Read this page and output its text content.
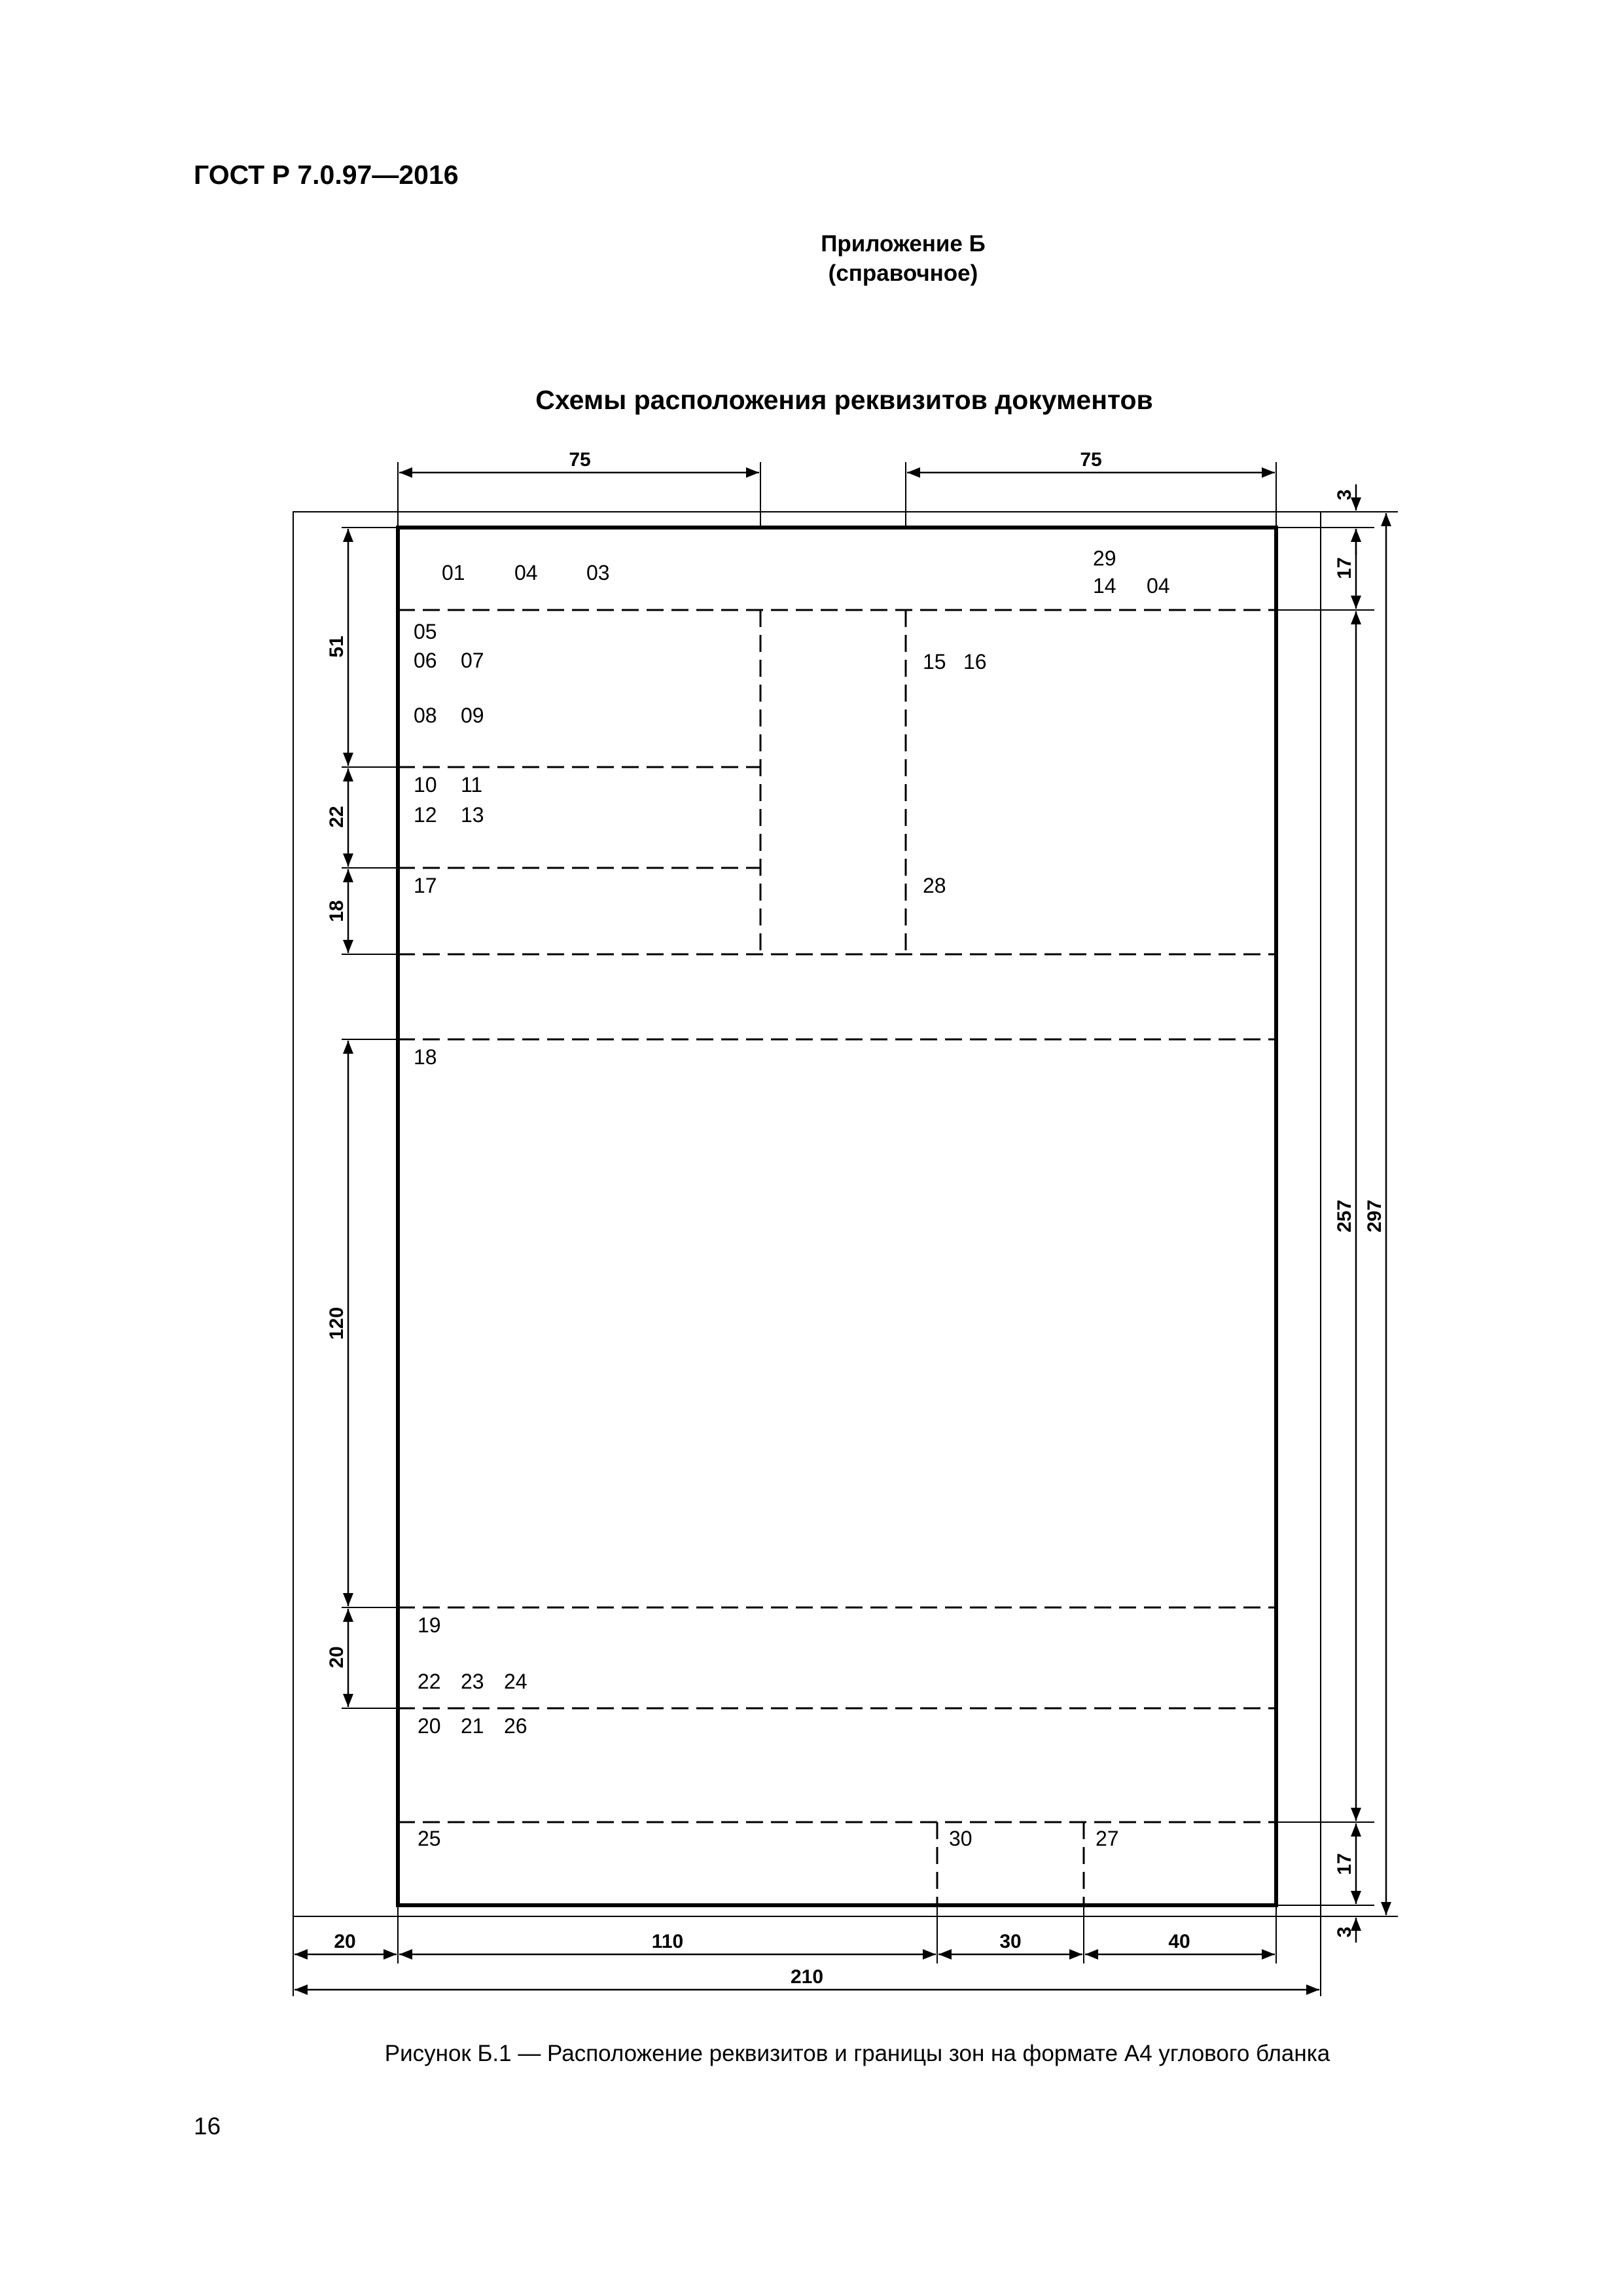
ГОСТ Р 7.0.97—2016
Приложение Б
(справочное)
Схемы расположения реквизитов документов
75	75
3
17
257 297
17
3
51
22
18
120
20
20	110	30	40
210
01 04 03
29
14 04
05
06 07
08 09
15 16
10 11
12 13
17	28
18
19
22 23 24
20 21 26
25	30	27
Рисунок Б.1 — Расположение реквизитов и границы зон на формате А4 углового бланка
16
